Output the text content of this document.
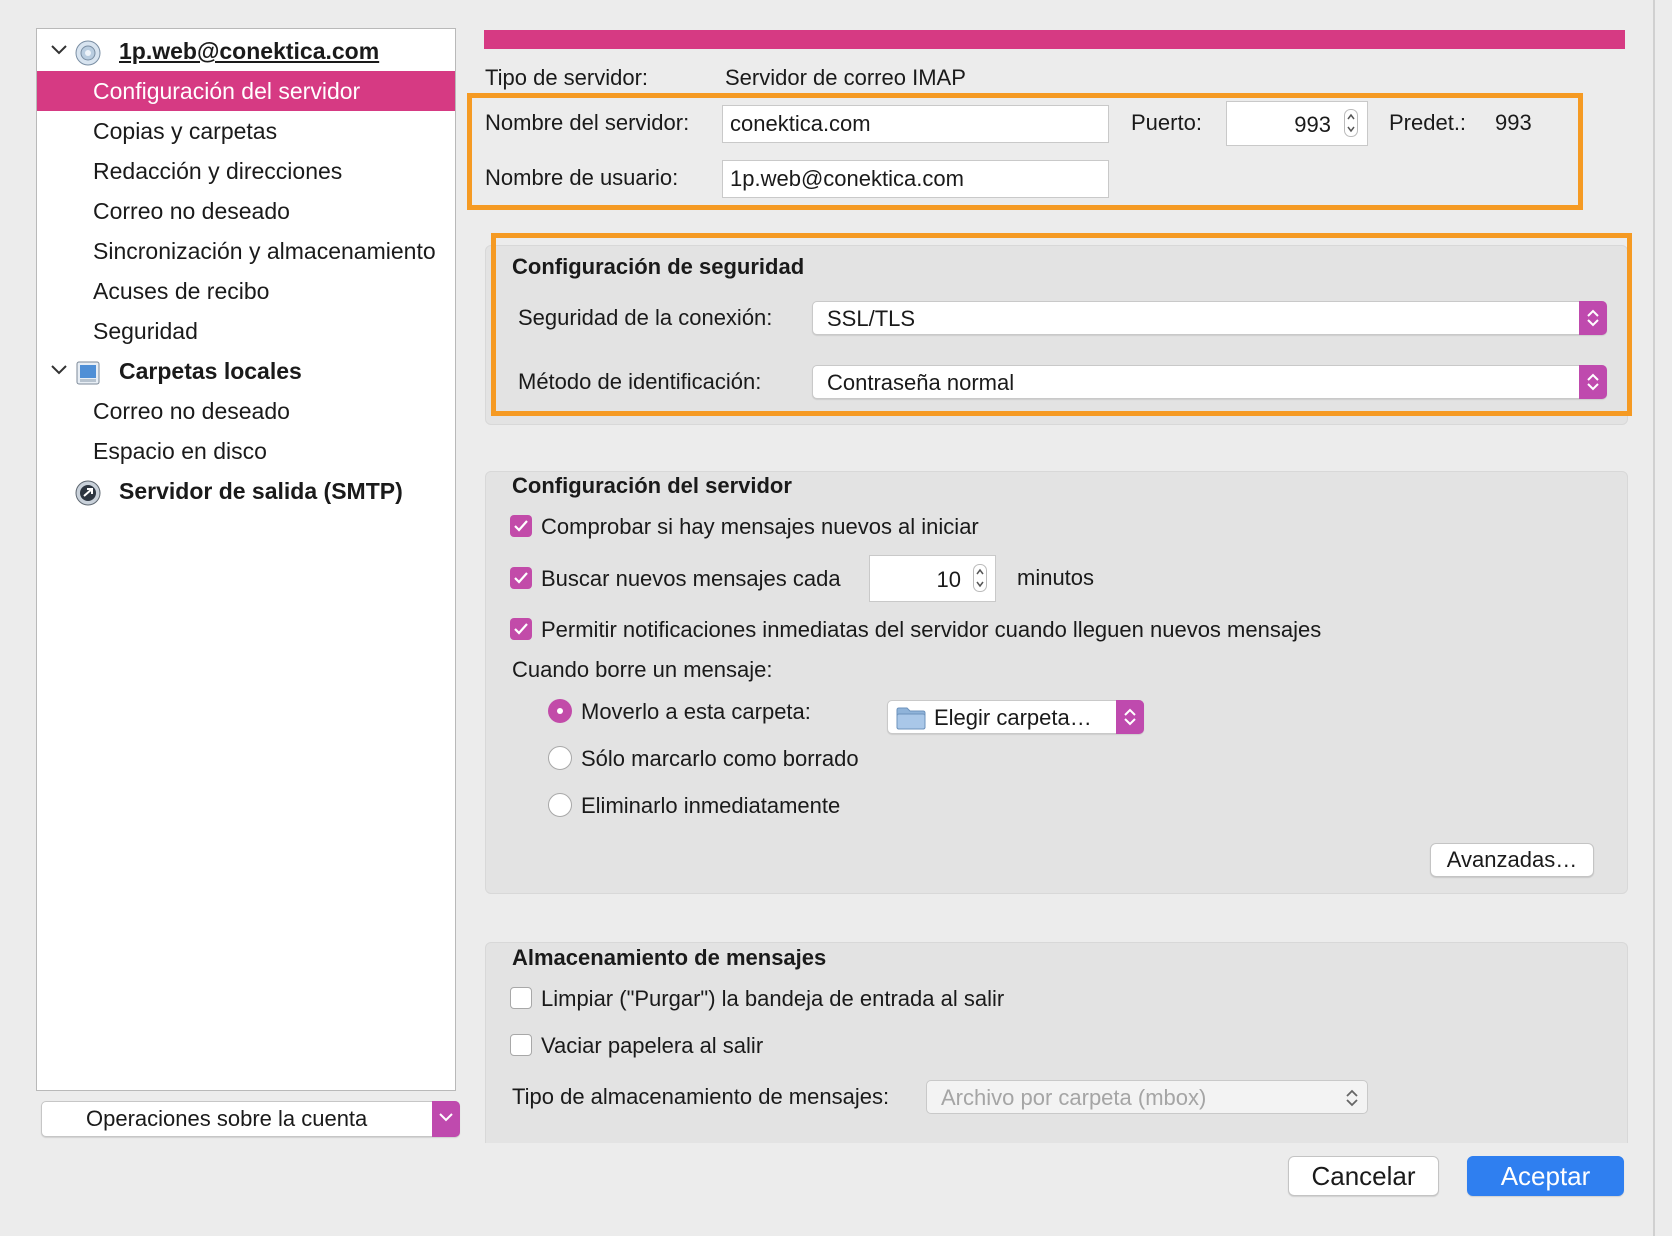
1p.web@conektica.com
Configuración del servidor
Copias y carpetas
Redacción y direcciones
Correo no deseado
Sincronización y almacenamiento
Acuses de recibo
Seguridad
Carpetas locales
Correo no deseado
Espacio en disco
Servidor de salida (SMTP)
Operaciones sobre la cuenta
Tipo de servidor:	Servidor de correo IMAP
Nombre del servidor:	conektica.com	Puerto:	993	Predet.: 993
Nombre de usuario:	1p.web@conektica.com
Configuración de seguridad
Seguridad de la conexión: SSL/TLS
Método de identificación:	Contraseña normal
Configuración del servidor
Comprobar si hay mensajes nuevos al iniciar
Buscar nuevos mensajes cada	10	minutos
Permitir notificaciones inmediatas del servidor cuando lleguen nuevos mensajes
Cuando borre un mensaje:
Moverlo a esta carpeta:	Elegir carpeta…
Sólo marcarlo como borrado
Eliminarlo inmediatamente
Avanzadas…
Almacenamiento de mensajes
Limpiar ("Purgar") la bandeja de entrada al salir
Vaciar papelera al salir
Tipo de almacenamiento de mensajes: Archivo por carpeta (mbox)
Cancelar	Aceptar
